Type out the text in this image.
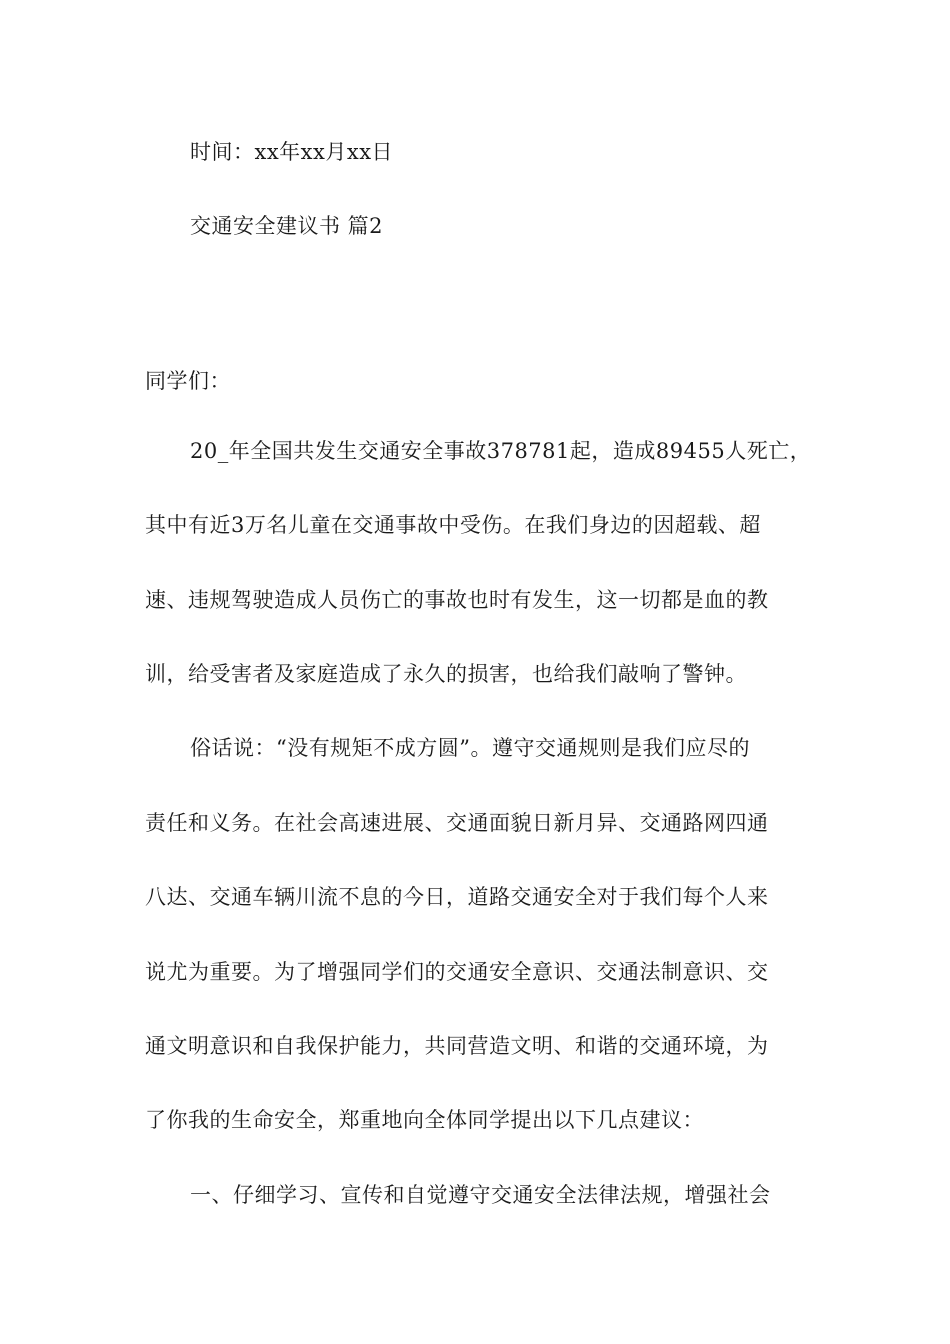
时间：xx年xx月xx日
交通安全建议书 篇2
同学们：
20_年全国共发生交通安全事故378781起，造成89455人死亡，
其中有近3万名儿童在交通事故中受伤。在我们身边的因超载、超
速、违规驾驶造成人员伤亡的事故也时有发生，这一切都是血的教
训，给受害者及家庭造成了永久的损害，也给我们敲响了警钟。
俗话说：“没有规矩不成方圆”。遵守交通规则是我们应尽的
责任和义务。在社会高速进展、交通面貌日新月异、交通路网四通
八达、交通车辆川流不息的今日，道路交通安全对于我们每个人来
说尤为重要。为了增强同学们的交通安全意识、交通法制意识、交
通文明意识和自我保护能力，共同营造文明、和谐的交通环境，为
了你我的生命安全，郑重地向全体同学提出以下几点建议：
一、仔细学习、宣传和自觉遵守交通安全法律法规，增强社会
